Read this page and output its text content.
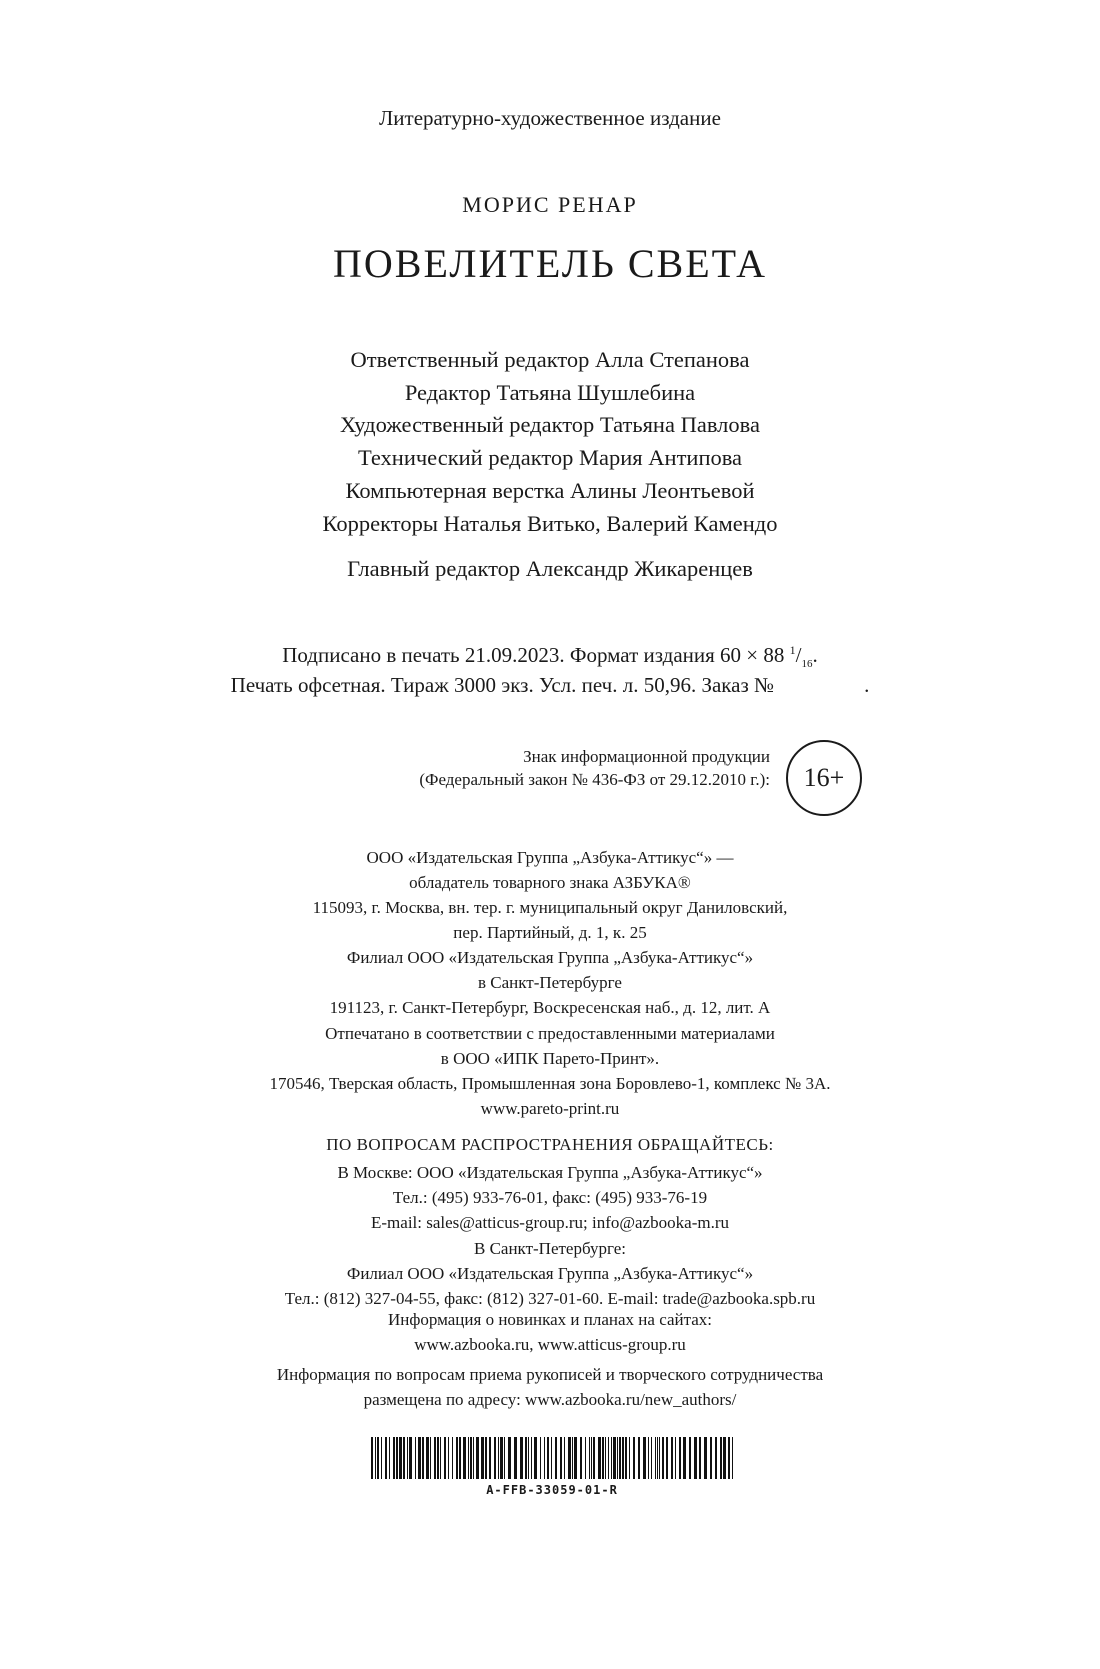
Литературно-художественное издание
МОРИС РЕНАР
ПОВЕЛИТЕЛЬ СВЕТА
Ответственный редактор Алла Степанова
Редактор Татьяна Шушлебина
Художественный редактор Татьяна Павлова
Технический редактор Мария Антипова
Компьютерная верстка Алины Леонтьевой
Корректоры Наталья Витько, Валерий Камендо
Главный редактор Александр Жикаренцев
Подписано в печать 21.09.2023. Формат издания 60 × 88 $^1/_{16}$.
Печать офсетная. Тираж 3000 экз. Усл. печ. л. 50,96. Заказ №	.
Знак информационной продукции
(Федеральный закон № 436-ФЗ от 29.12.2010 г.): 16+

ООО «Издательская Группа „Азбука-Аттикус“» —

обладатель товарного знака АЗБУКА®

115093, г. Москва, вн. тер. г. муниципальный округ Даниловский,

пер. Партийный, д. 1, к. 25

Филиал ООО «Издательская Группа „Азбука-Аттикус“»

в Санкт-Петербурге

191123, г. Санкт-Петербург, Воскресенская наб., д. 12, лит. А

Отпечатано в соответствии с предоставленными материалами

в ООО «ИПК Парето-Принт».

170546, Тверская область, Промышленная зона Боровлево-1, комплекс № 3А.

www.pareto-print.ru

ПО ВОПРОСАМ РАСПРОСТРАНЕНИЯ ОБРАЩАЙТЕСЬ:

В Москве: ООО «Издательская Группа „Азбука-Аттикус“»

Тел.: (495) 933-76-01, факс: (495) 933-76-19

E-mail: sales@atticus-group.ru; info@azbooka-m.ru

В Санкт-Петербурге:

Филиал ООО «Издательская Группа „Азбука-Аттикус“»

Тел.: (812) 327-04-55, факс: (812) 327-01-60. E-mail: trade@azbooka.spb.ru

Информация о новинках и планах на сайтах:

www.azbooka.ru, www.atticus-group.ru

Информация по вопросам приема рукописей и творческого сотрудничества

размещена по адресу: www.azbooka.ru/new_authors/

A-FFB-33059-01-R
